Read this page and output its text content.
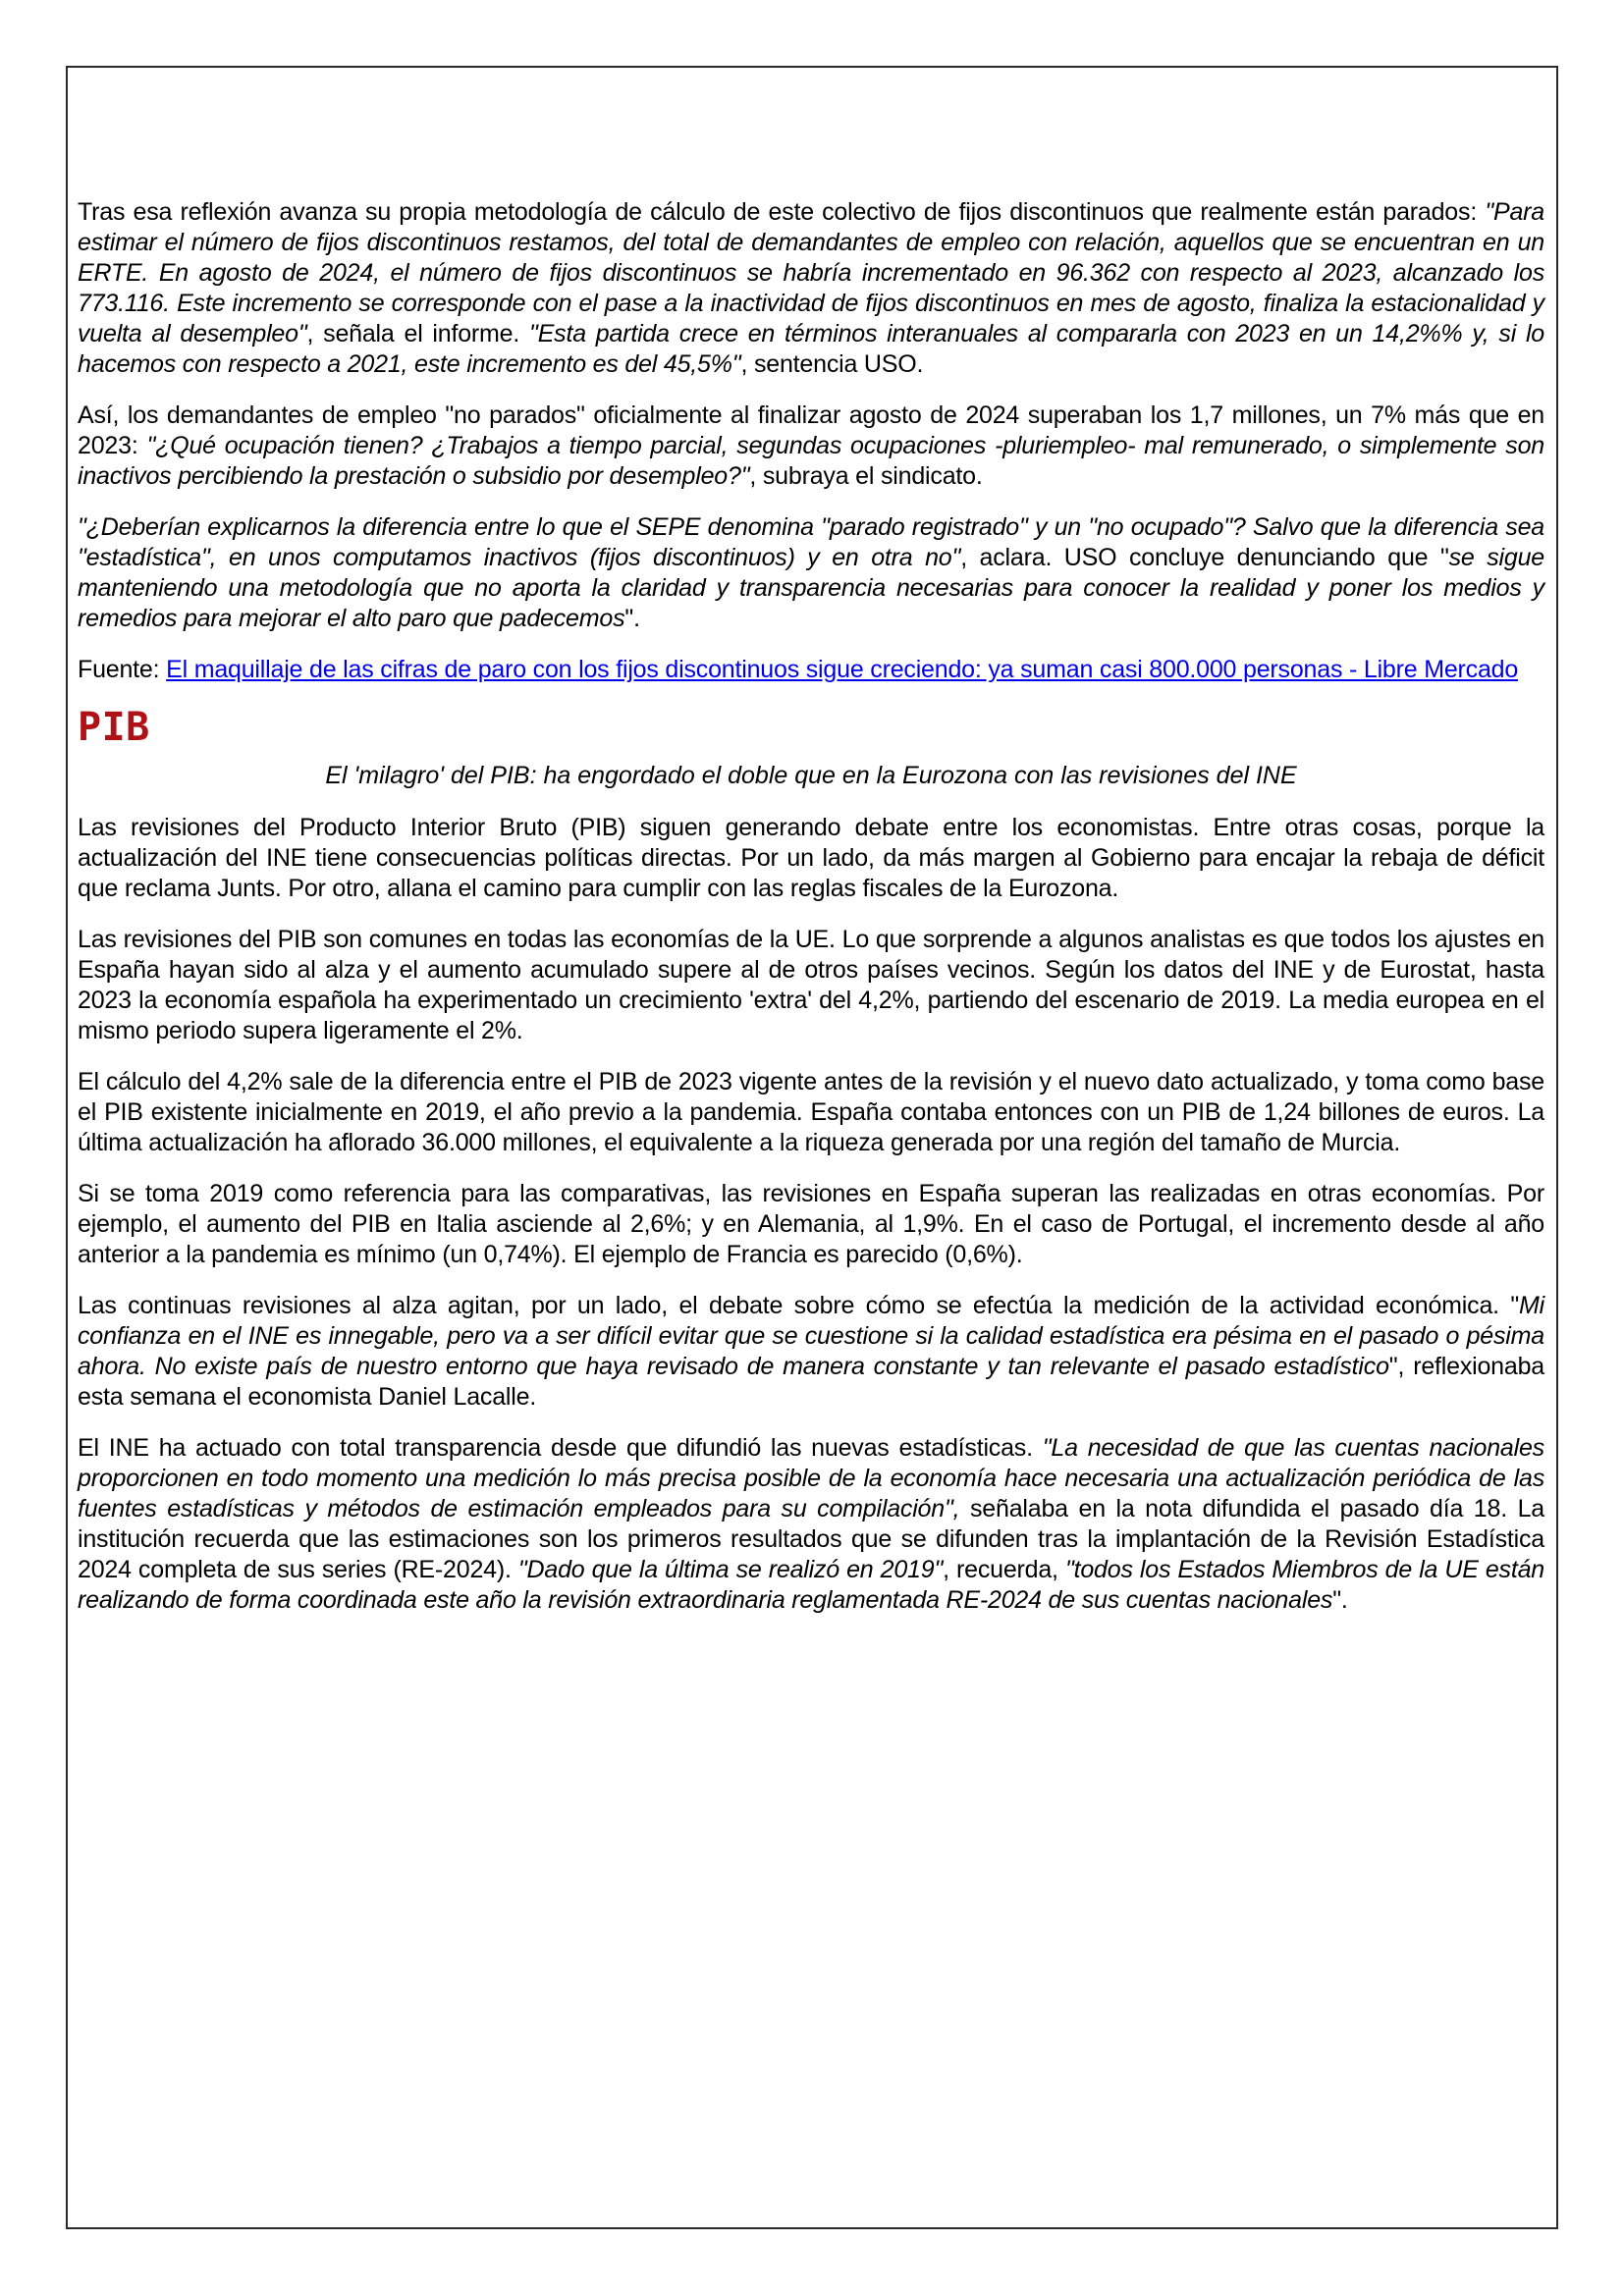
Tras esa reflexión avanza su propia metodología de cálculo de este colectivo de fijos discontinuos que realmente están parados: "Para estimar el número de fijos discontinuos restamos, del total de demandantes de empleo con relación, aquellos que se encuentran en un ERTE. En agosto de 2024, el número de fijos discontinuos se habría incrementado en 96.362 con respecto al 2023, alcanzado los 773.116. Este incremento se corresponde con el pase a la inactividad de fijos discontinuos en mes de agosto, finaliza la estacionalidad y vuelta al desempleo", señala el informe. "Esta partida crece en términos interanuales al compararla con 2023 en un 14,2%% y, si lo hacemos con respecto a 2021, este incremento es del 45,5%", sentencia USO.

Así, los demandantes de empleo "no parados" oficialmente al finalizar agosto de 2024 superaban los 1,7 millones, un 7% más que en 2023: "¿Qué ocupación tienen? ¿Trabajos a tiempo parcial, segundas ocupaciones -pluriempleo- mal remunerado, o simplemente son inactivos percibiendo la prestación o subsidio por desempleo?", subraya el sindicato.

"¿Deberían explicarnos la diferencia entre lo que el SEPE denomina "parado registrado" y un "no ocupado"? Salvo que la diferencia sea "estadística", en unos computamos inactivos (fijos discontinuos) y en otra no", aclara. USO concluye denunciando que "se sigue manteniendo una metodología que no aporta la claridad y transparencia necesarias para conocer la realidad y poner los medios y remedios para mejorar el alto paro que padecemos".

Fuente: El maquillaje de las cifras de paro con los fijos discontinuos sigue creciendo: ya suman casi 800.000 personas - Libre Mercado

PIB

El 'milagro' del PIB: ha engordado el doble que en la Eurozona con las revisiones del INE

Las revisiones del Producto Interior Bruto (PIB) siguen generando debate entre los economistas. Entre otras cosas, porque la actualización del INE tiene consecuencias políticas directas. Por un lado, da más margen al Gobierno para encajar la rebaja de déficit que reclama Junts. Por otro, allana el camino para cumplir con las reglas fiscales de la Eurozona.

Las revisiones del PIB son comunes en todas las economías de la UE. Lo que sorprende a algunos analistas es que todos los ajustes en España hayan sido al alza y el aumento acumulado supere al de otros países vecinos. Según los datos del INE y de Eurostat, hasta 2023 la economía española ha experimentado un crecimiento 'extra' del 4,2%, partiendo del escenario de 2019. La media europea en el mismo periodo supera ligeramente el 2%.

El cálculo del 4,2% sale de la diferencia entre el PIB de 2023 vigente antes de la revisión y el nuevo dato actualizado, y toma como base el PIB existente inicialmente en 2019, el año previo a la pandemia. España contaba entonces con un PIB de 1,24 billones de euros. La última actualización ha aflorado 36.000 millones, el equivalente a la riqueza generada por una región del tamaño de Murcia.

Si se toma 2019 como referencia para las comparativas, las revisiones en España superan las realizadas en otras economías. Por ejemplo, el aumento del PIB en Italia asciende al 2,6%; y en Alemania, al 1,9%. En el caso de Portugal, el incremento desde al año anterior a la pandemia es mínimo (un 0,74%). El ejemplo de Francia es parecido (0,6%).

Las continuas revisiones al alza agitan, por un lado, el debate sobre cómo se efectúa la medición de la actividad económica. "Mi confianza en el INE es innegable, pero va a ser difícil evitar que se cuestione si la calidad estadística era pésima en el pasado o pésima ahora. No existe país de nuestro entorno que haya revisado de manera constante y tan relevante el pasado estadístico", reflexionaba esta semana el economista Daniel Lacalle.

El INE ha actuado con total transparencia desde que difundió las nuevas estadísticas. "La necesidad de que las cuentas nacionales proporcionen en todo momento una medición lo más precisa posible de la economía hace necesaria una actualización periódica de las fuentes estadísticas y métodos de estimación empleados para su compilación", señalaba en la nota difundida el pasado día 18. La institución recuerda que las estimaciones son los primeros resultados que se difunden tras la implantación de la Revisión Estadística 2024 completa de sus series (RE-2024). "Dado que la última se realizó en 2019", recuerda, "todos los Estados Miembros de la UE están realizando de forma coordinada este año la revisión extraordinaria reglamentada RE-2024 de sus cuentas nacionales".
